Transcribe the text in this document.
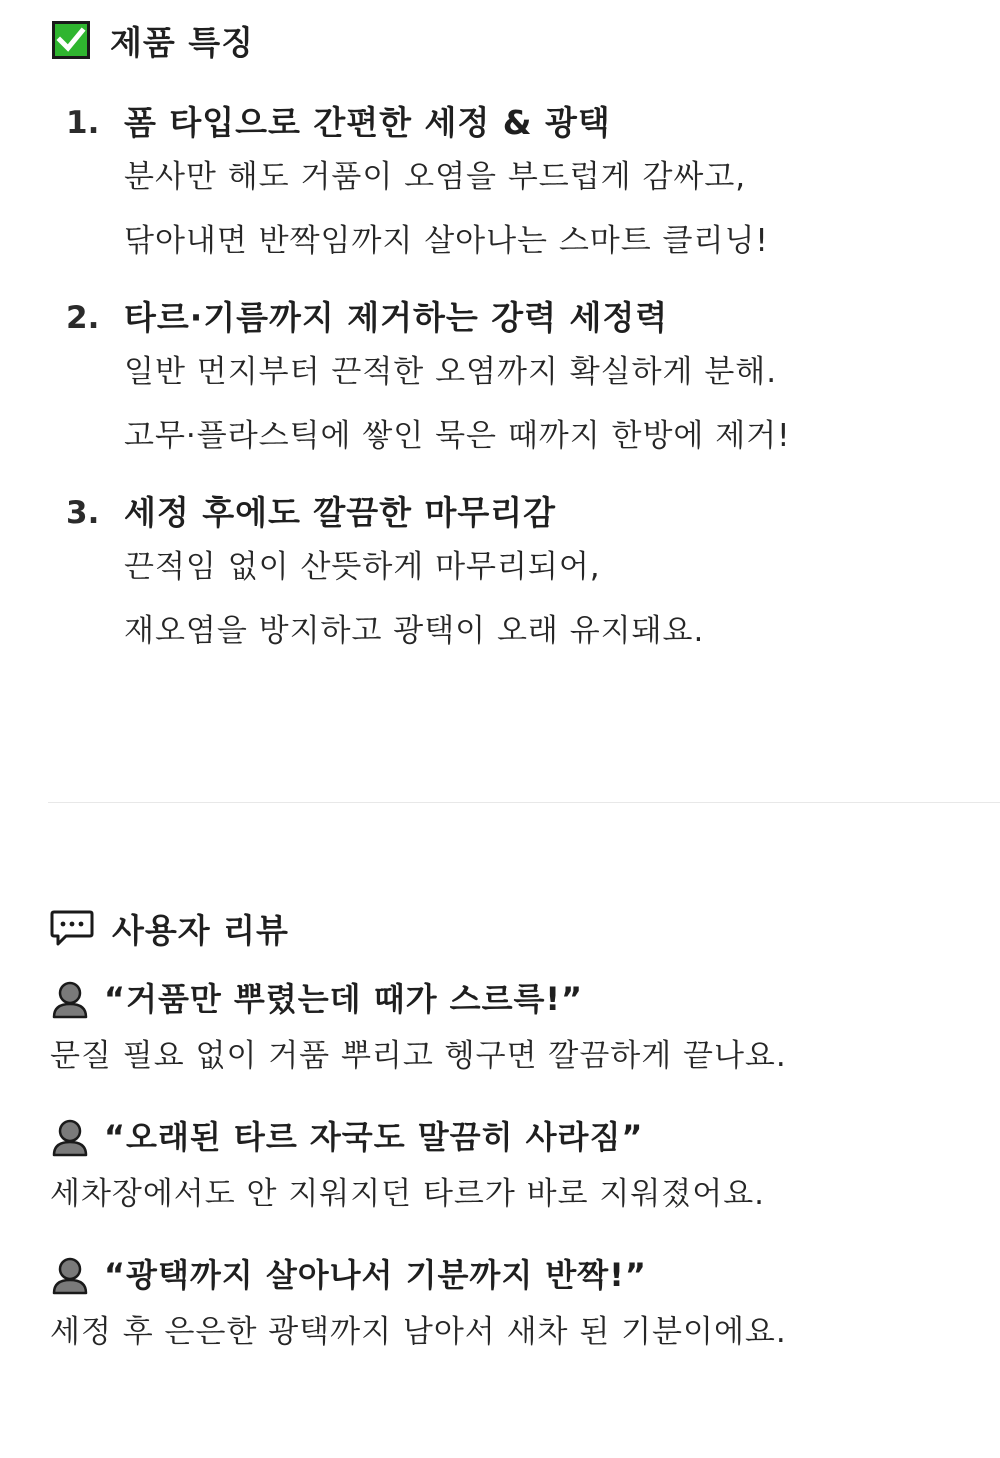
제품 특징
1. 폼 타입으로 간편한 세정 & 광택
분사만 해도 거품이 오염을 부드럽게 감싸고,
닦아내면 반짝임까지 살아나는 스마트 클리닝!
2. 타르·기름까지 제거하는 강력 세정력
일반 먼지부터 끈적한 오염까지 확실하게 분해.
고무·플라스틱에 쌓인 묵은 때까지 한방에 제거!
3. 세정 후에도 깔끔한 마무리감
끈적임 없이 산뜻하게 마무리되어,
재오염을 방지하고 광택이 오래 유지돼요.
사용자 리뷰
“거품만 뿌렸는데 때가 스르륵!”
문질 필요 없이 거품 뿌리고 헹구면 깔끔하게 끝나요.
“오래된 타르 자국도 말끔히 사라짐”
세차장에서도 안 지워지던 타르가 바로 지워졌어요.
“광택까지 살아나서 기분까지 반짝!”
세정 후 은은한 광택까지 남아서 새차 된 기분이에요.
